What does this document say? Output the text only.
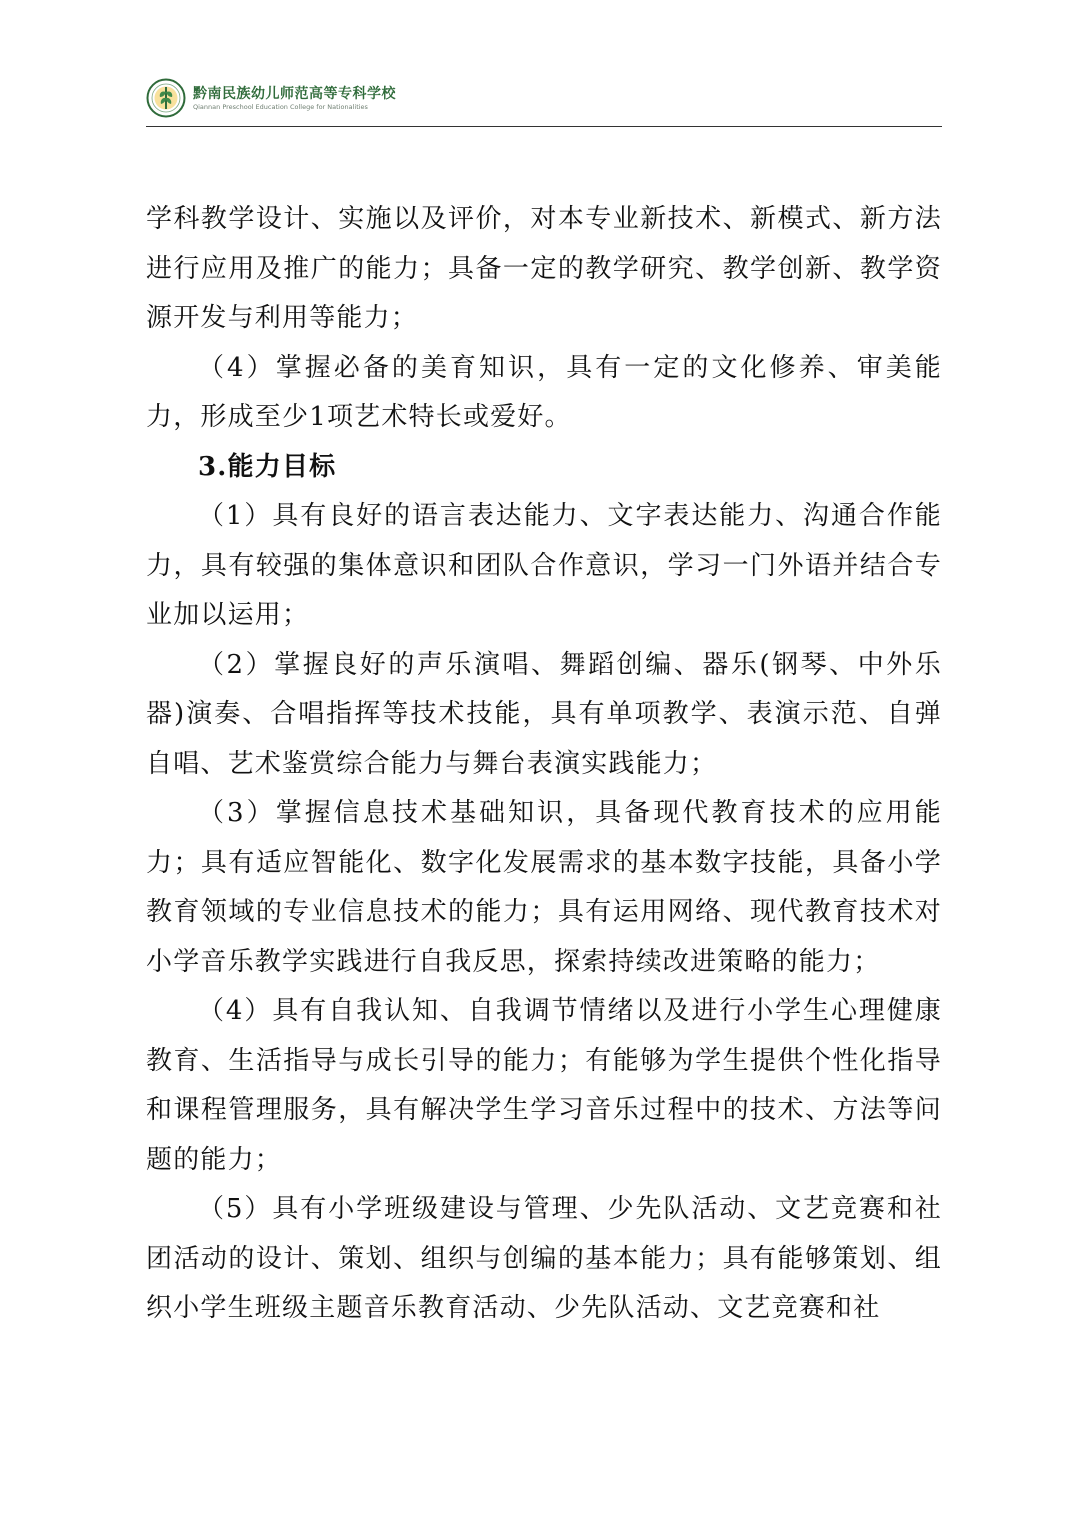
黔南民族幼儿师范高等专科学校
Qiannan Preschool Education College for Nationalities

学科教学设计、实施以及评价，对本专业新技术、新模式、新方法进行应用及推广的能力；具备一定的教学研究、教学创新、教学资源开发与利用等能力；

（4）掌握必备的美育知识，具有一定的文化修养、审美能力，形成至少1项艺术特长或爱好。

3.能力目标

（1）具有良好的语言表达能力、文字表达能力、沟通合作能力，具有较强的集体意识和团队合作意识，学习一门外语并结合专业加以运用；

（2）掌握良好的声乐演唱、舞蹈创编、器乐(钢琴、中外乐器)演奏、合唱指挥等技术技能，具有单项教学、表演示范、自弹自唱、艺术鉴赏综合能力与舞台表演实践能力；

（3）掌握信息技术基础知识，具备现代教育技术的应用能力；具有适应智能化、数字化发展需求的基本数字技能，具备小学教育领域的专业信息技术的能力；具有运用网络、现代教育技术对小学音乐教学实践进行自我反思，探索持续改进策略的能力；

（4）具有自我认知、自我调节情绪以及进行小学生心理健康教育、生活指导与成长引导的能力；有能够为学生提供个性化指导和课程管理服务，具有解决学生学习音乐过程中的技术、方法等问题的能力；

（5）具有小学班级建设与管理、少先队活动、文艺竞赛和社团活动的设计、策划、组织与创编的基本能力；具有能够策划、组织小学生班级主题音乐教育活动、少先队活动、文艺竞赛和社
